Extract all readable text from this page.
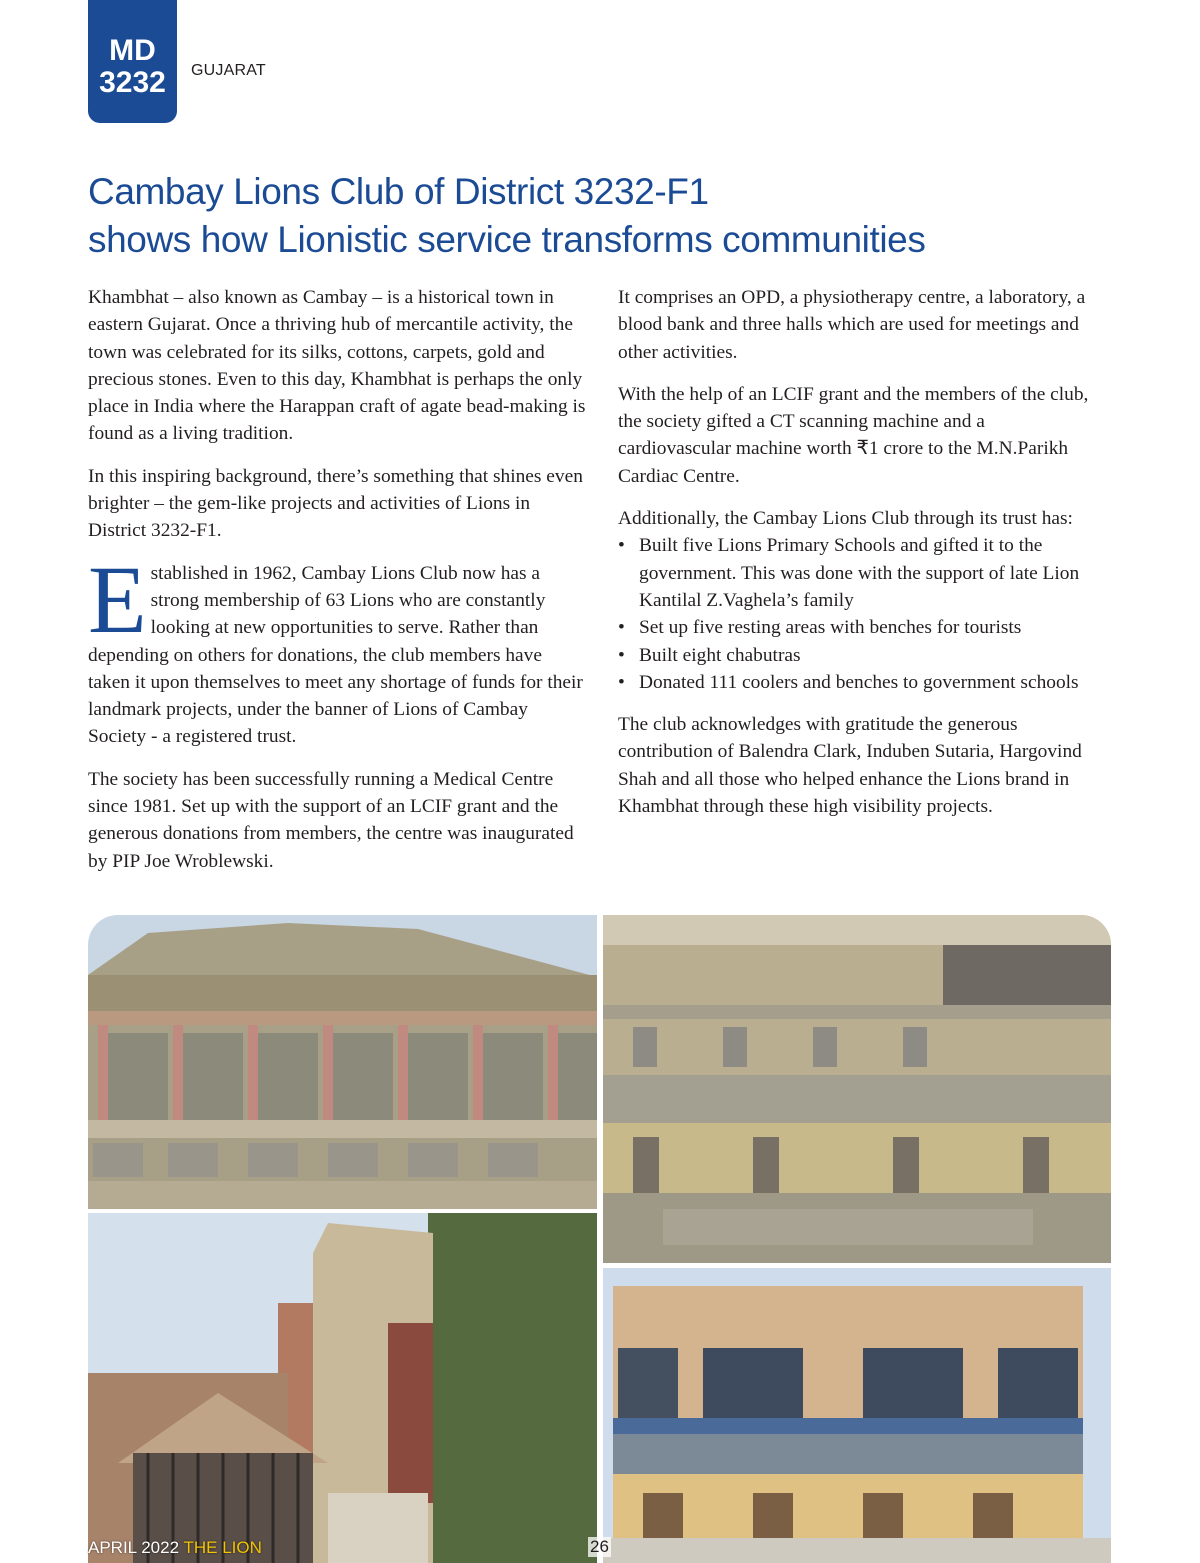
MD
3232	GUJARAT
Cambay Lions Club of District 3232-F1
shows how Lionistic service transforms communities

Khambhat – also known as Cambay – is a historical town in eastern Gujarat. Once a thriving hub of mercantile activity, the town was celebrated for its silks, cottons, carpets, gold and precious stones. Even to this day, Khambhat is perhaps the only place in India where the Harappan craft of agate bead-making is found as a living tradition.

In this inspiring background, there’s something that shines even brighter – the gem-like projects and activities of Lions in District 3232-F1.

Established in 1962, Cambay Lions Club now has a strong membership of 63 Lions who are constantly looking at new opportunities to serve. Rather than depending on others for donations, the club members have taken it upon themselves to meet any shortage of funds for their landmark projects, under the banner of Lions of Cambay Society - a registered trust.

The society has been successfully running a Medical Centre since 1981. Set up with the support of an LCIF grant and the generous donations from members, the centre was inaugurated by PIP Joe Wroblewski.

It comprises an OPD, a physiotherapy centre, a laboratory, a blood bank and three halls which are used for meetings and other activities.

With the help of an LCIF grant and the members of the club, the society gifted a CT scanning machine and a cardiovascular machine worth ₹1 crore to the M.N.Parikh Cardiac Centre.

Additionally, the Cambay Lions Club through its trust has:

• Built five Lions Primary Schools and gifted it to the government. This was done with the support of late Lion Kantilal Z.Vaghela’s family
• Set up five resting areas with benches for tourists
• Built eight chabutras
• Donated 111 coolers and benches to government schools

The club acknowledges with gratitude the generous contribution of Balendra Clark, Induben Sutaria, Hargovind Shah and all those who helped enhance the Lions brand in Khambhat through these high visibility projects.

APRIL 2022 THE LION	26
